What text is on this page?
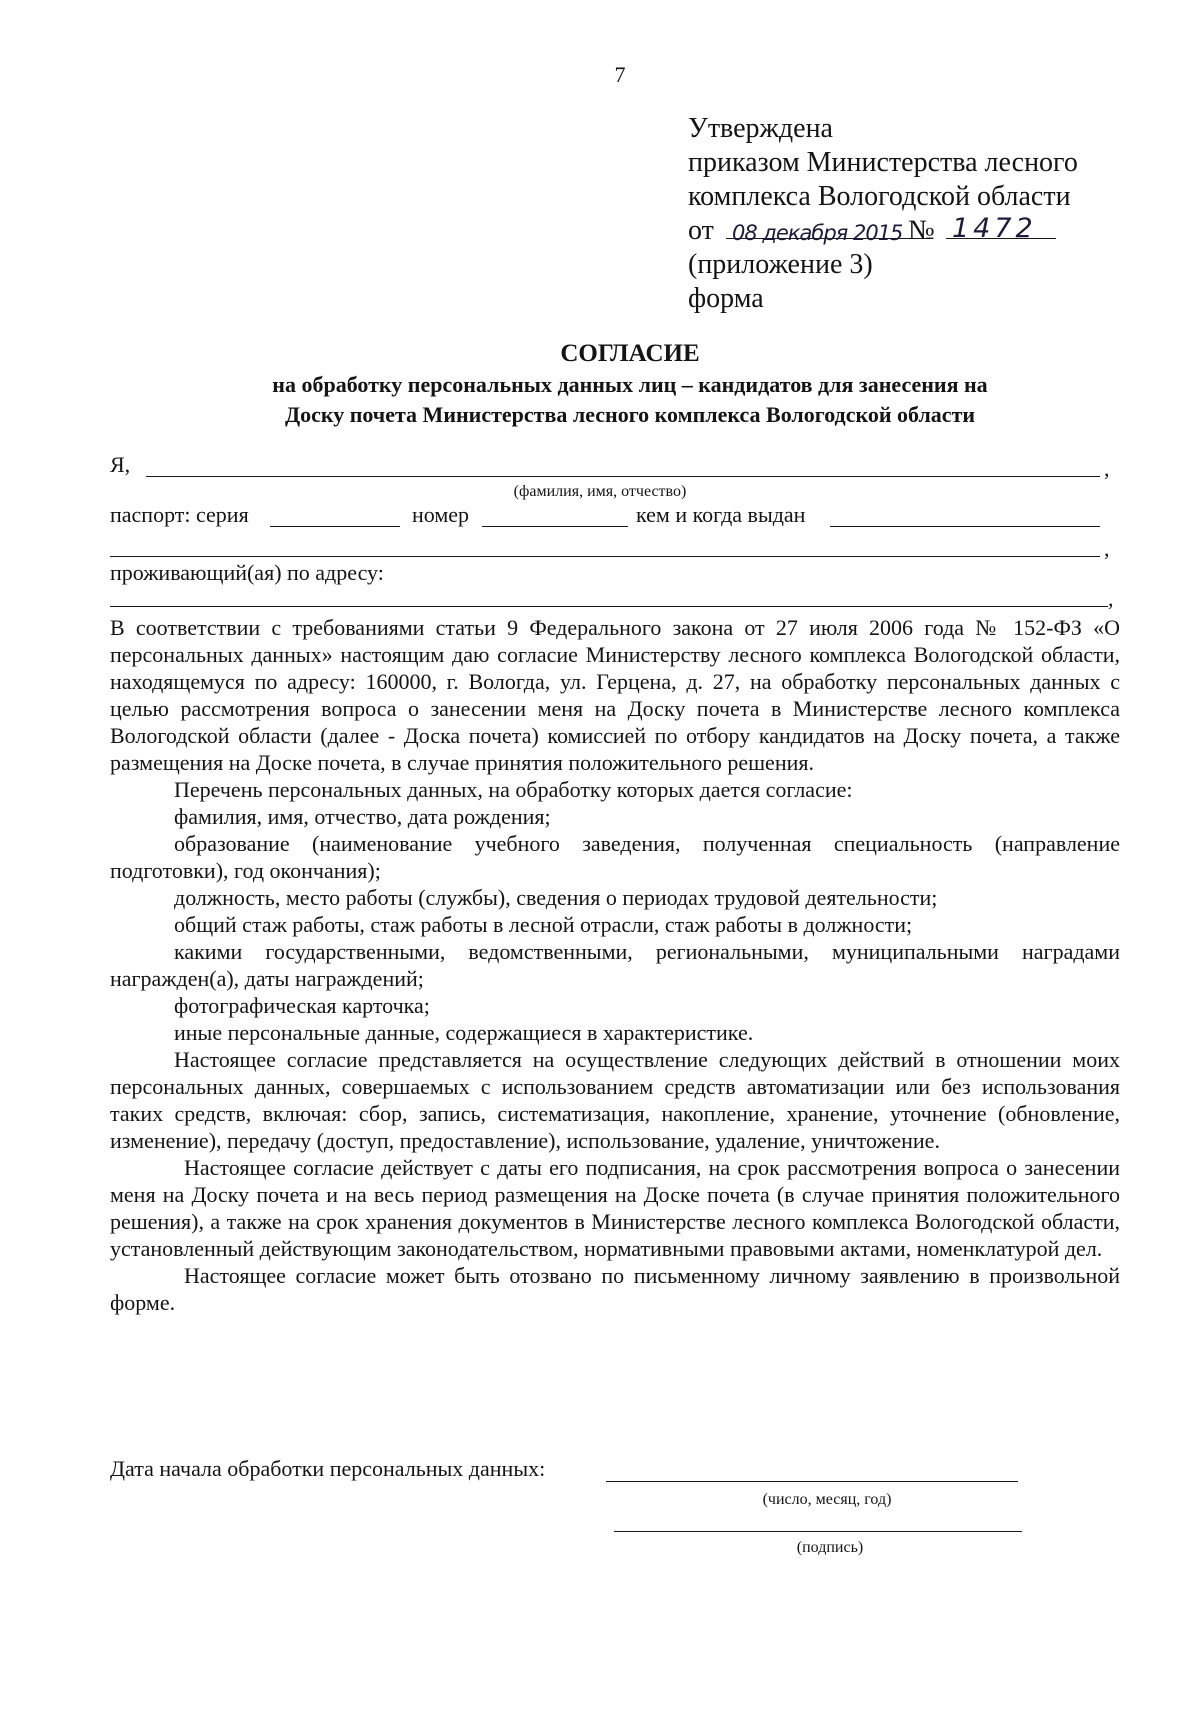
7
Утверждена
приказом Министерства лесного
комплекса Вологодской области
от 08 декабря 2015 № 1472
(приложение 3)
форма
СОГЛАСИЕ
на обработку персональных данных лиц – кандидатов для занесения на
Доску почета Министерства лесного комплекса Вологодской области
Я,	,
(фамилия, имя, отчество)
паспорт: серия	номер	кем и когда выдан
,
проживающий(ая) по адресу:
,

В соответствии с требованиями статьи 9 Федерального закона от 27 июля 2006 года № 152-ФЗ «О персональных данных» настоящим даю согласие Министерству лесного комплекса Вологодской области, находящемуся по адресу: 160000, г. Вологда, ул. Герцена, д. 27, на обработку персональных данных с целью рассмотрения вопроса о занесении меня на Доску почета в Министерстве лесного комплекса Вологодской области (далее - Доска почета) комиссией по отбору кандидатов на Доску почета, а также размещения на Доске почета, в случае принятия положительного решения.

Перечень персональных данных, на обработку которых дается согласие:

фамилия, имя, отчество, дата рождения;

образование (наименование учебного заведения, полученная специальность (направление подготовки), год окончания);

должность, место работы (службы), сведения о периодах трудовой деятельности;

общий стаж работы, стаж работы в лесной отрасли, стаж работы в должности;

какими государственными, ведомственными, региональными, муниципальными наградами награжден(а), даты награждений;

фотографическая карточка;

иные персональные данные, содержащиеся в характеристике.

Настоящее согласие представляется на осуществление следующих действий в отношении моих персональных данных, совершаемых с использованием средств автоматизации или без использования таких средств, включая: сбор, запись, систематизация, накопление, хранение, уточнение (обновление, изменение), передачу (доступ, предоставление), использование, удаление, уничтожение.

Настоящее согласие действует с даты его подписания, на срок рассмотрения вопроса о занесении меня на Доску почета и на весь период размещения на Доске почета (в случае принятия положительного решения), а также на срок хранения документов в Министерстве лесного комплекса Вологодской области, установленный действующим законодательством, нормативными правовыми актами, номенклатурой дел.

Настоящее согласие может быть отозвано по письменному личному заявлению в произвольной форме.

Дата начала обработки персональных данных:
(число, месяц, год)
(подпись)
